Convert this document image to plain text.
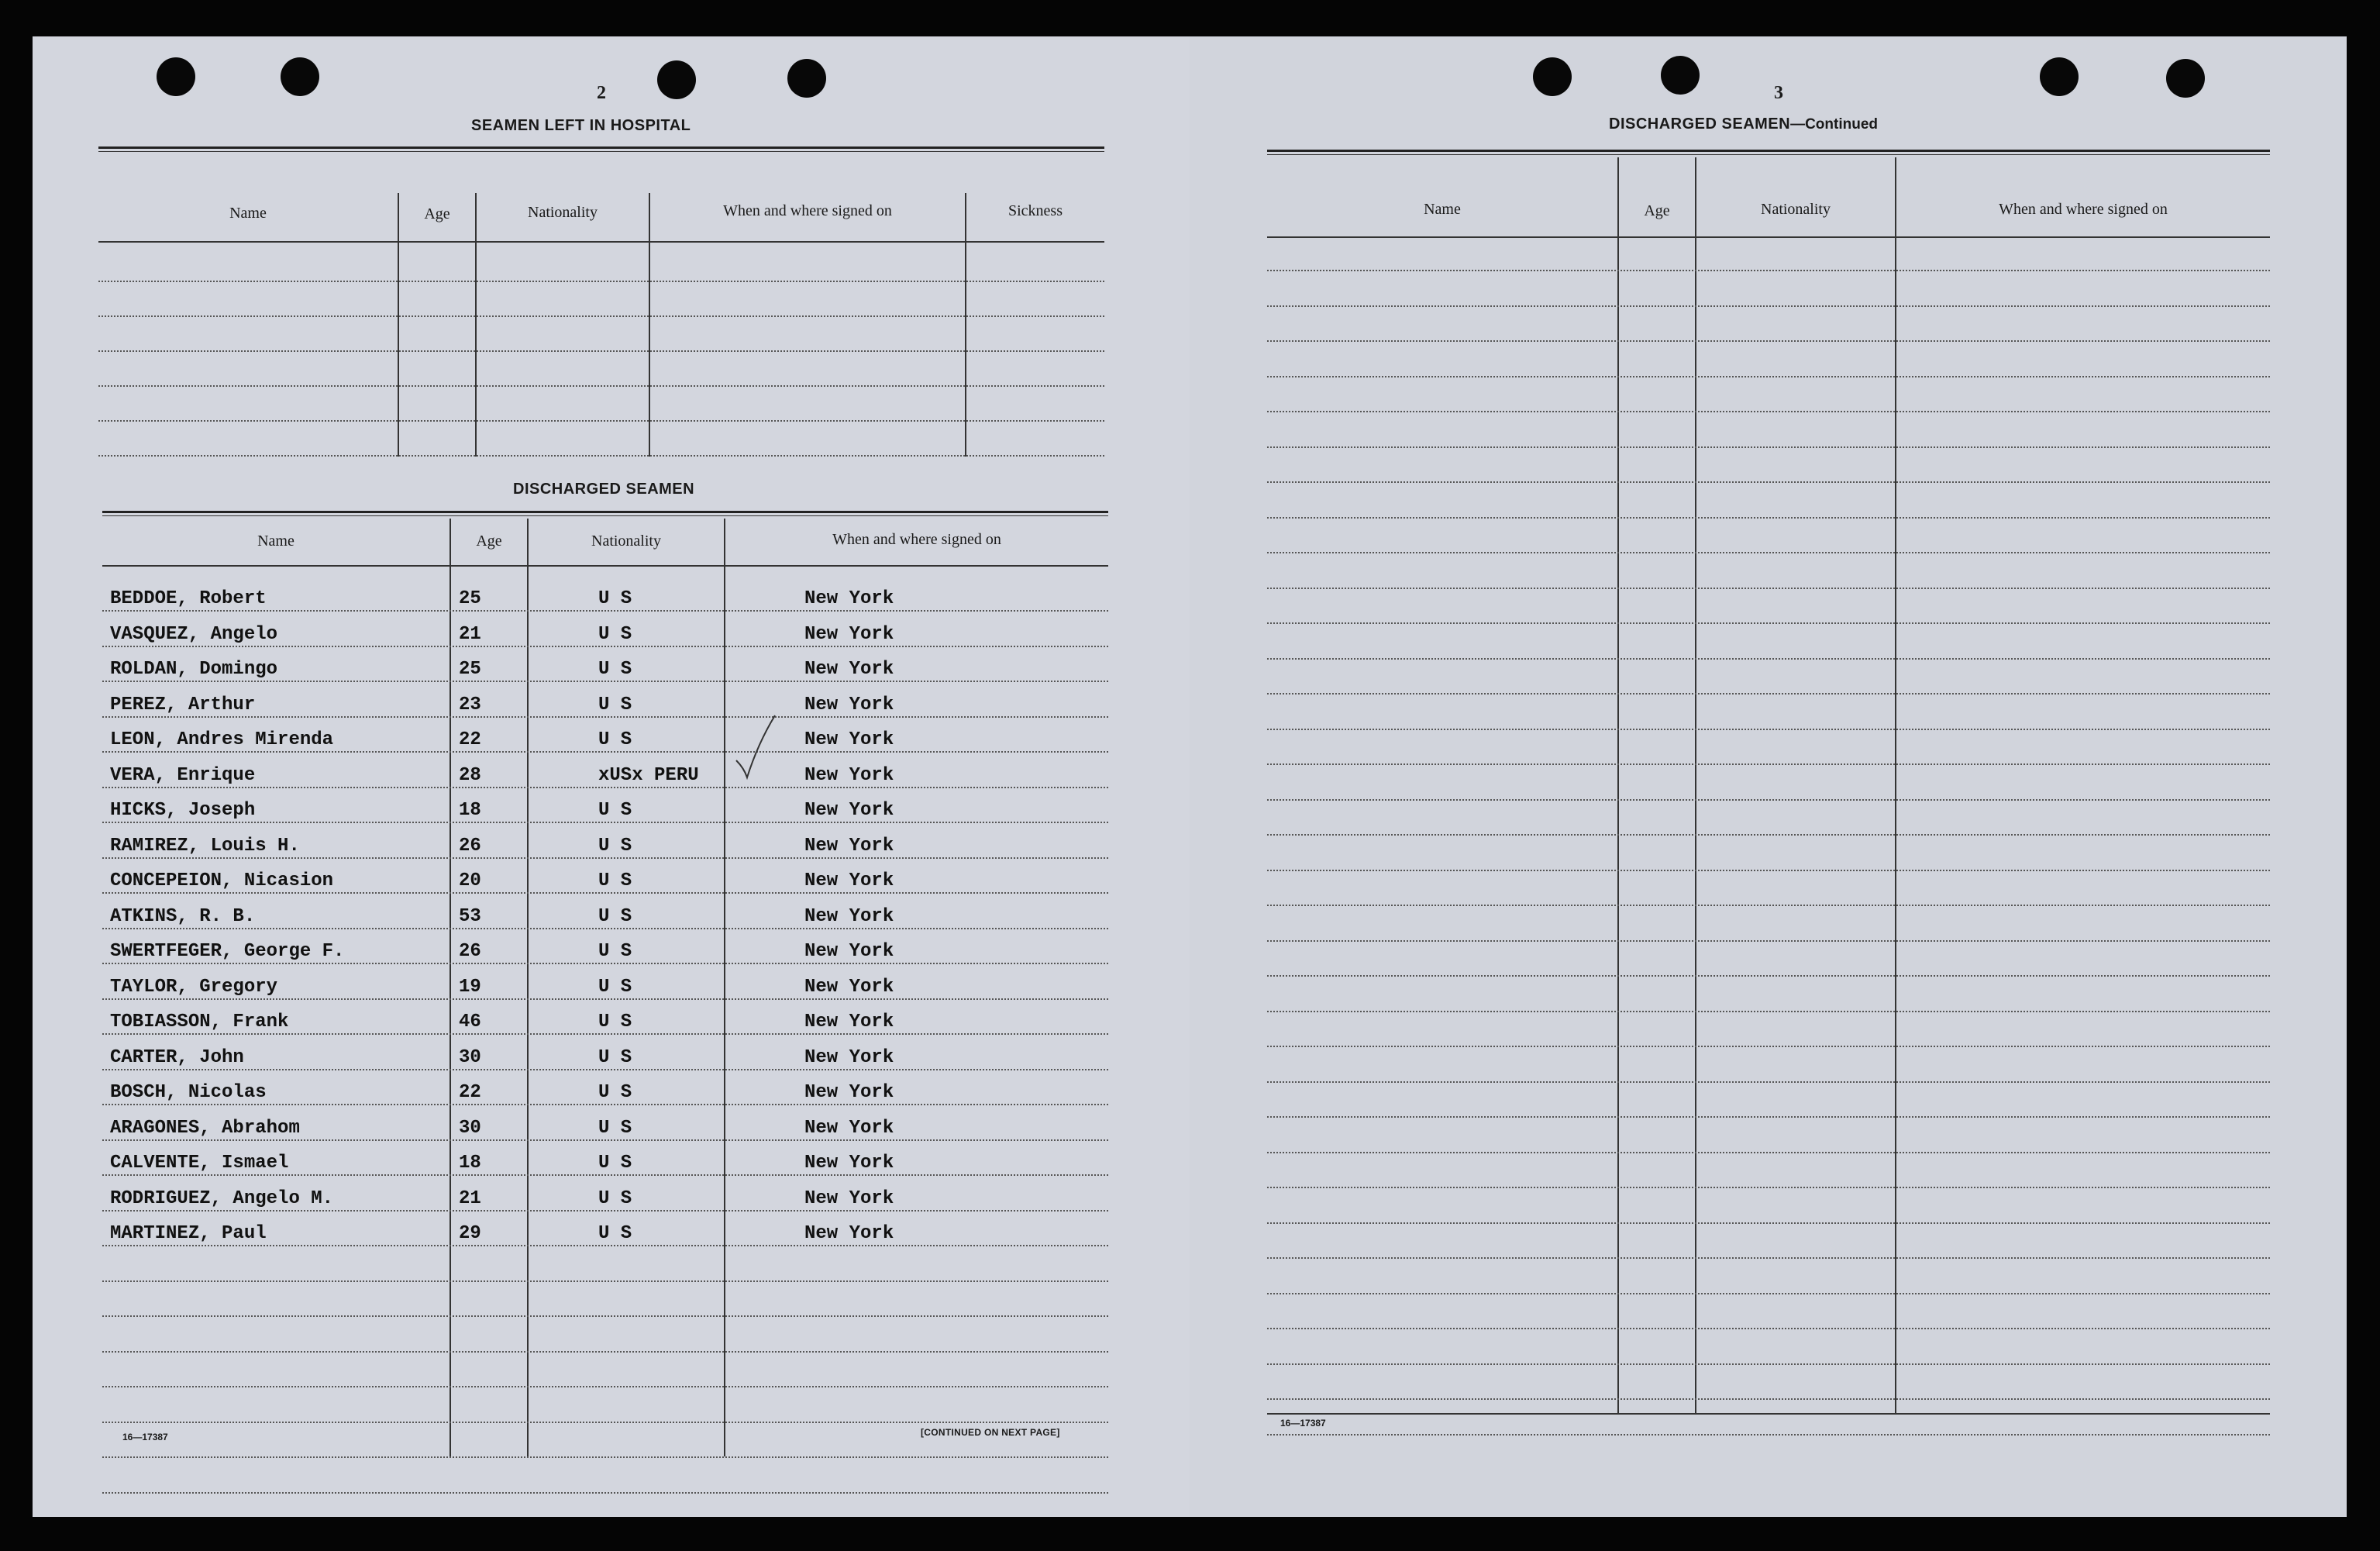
2
SEAMEN LEFT IN HOSPITAL
Name	Age	Nationality	When and where signed on	Sickness
DISCHARGED SEAMEN
Name	Age	Nationality	When and where signed on
BEDDOE, Robert	25	U S	New York
VASQUEZ, Angelo	21	U S	New York
ROLDAN, Domingo	25	U S	New York
PEREZ, Arthur	23	U S	New York
LEON, Andres Mirenda	22	U S	New York
VERA, Enrique	28	xUSx PERU	New York
HICKS, Joseph	18	U S	New York
RAMIREZ, Louis H.	26	U S	New York
CONCEPEION, Nicasion	20	U S	New York
ATKINS, R. B.	53	U S	New York
SWERTFEGER, George F.	26	U S	New York
TAYLOR, Gregory	19	U S	New York
TOBIASSON, Frank	46	U S	New York
CARTER, John	30	U S	New York
BOSCH, Nicolas	22	U S	New York
ARAGONES, Abrahom	30	U S	New York
CALVENTE, Ismael	18	U S	New York
RODRIGUEZ, Angelo M.	21	U S	New York
MARTINEZ, Paul	29	U S	New York
16—17387	[CONTINUED ON NEXT PAGE]
3
DISCHARGED SEAMEN—Continued
Name	Age	Nationality	When and where signed on
16—17387
